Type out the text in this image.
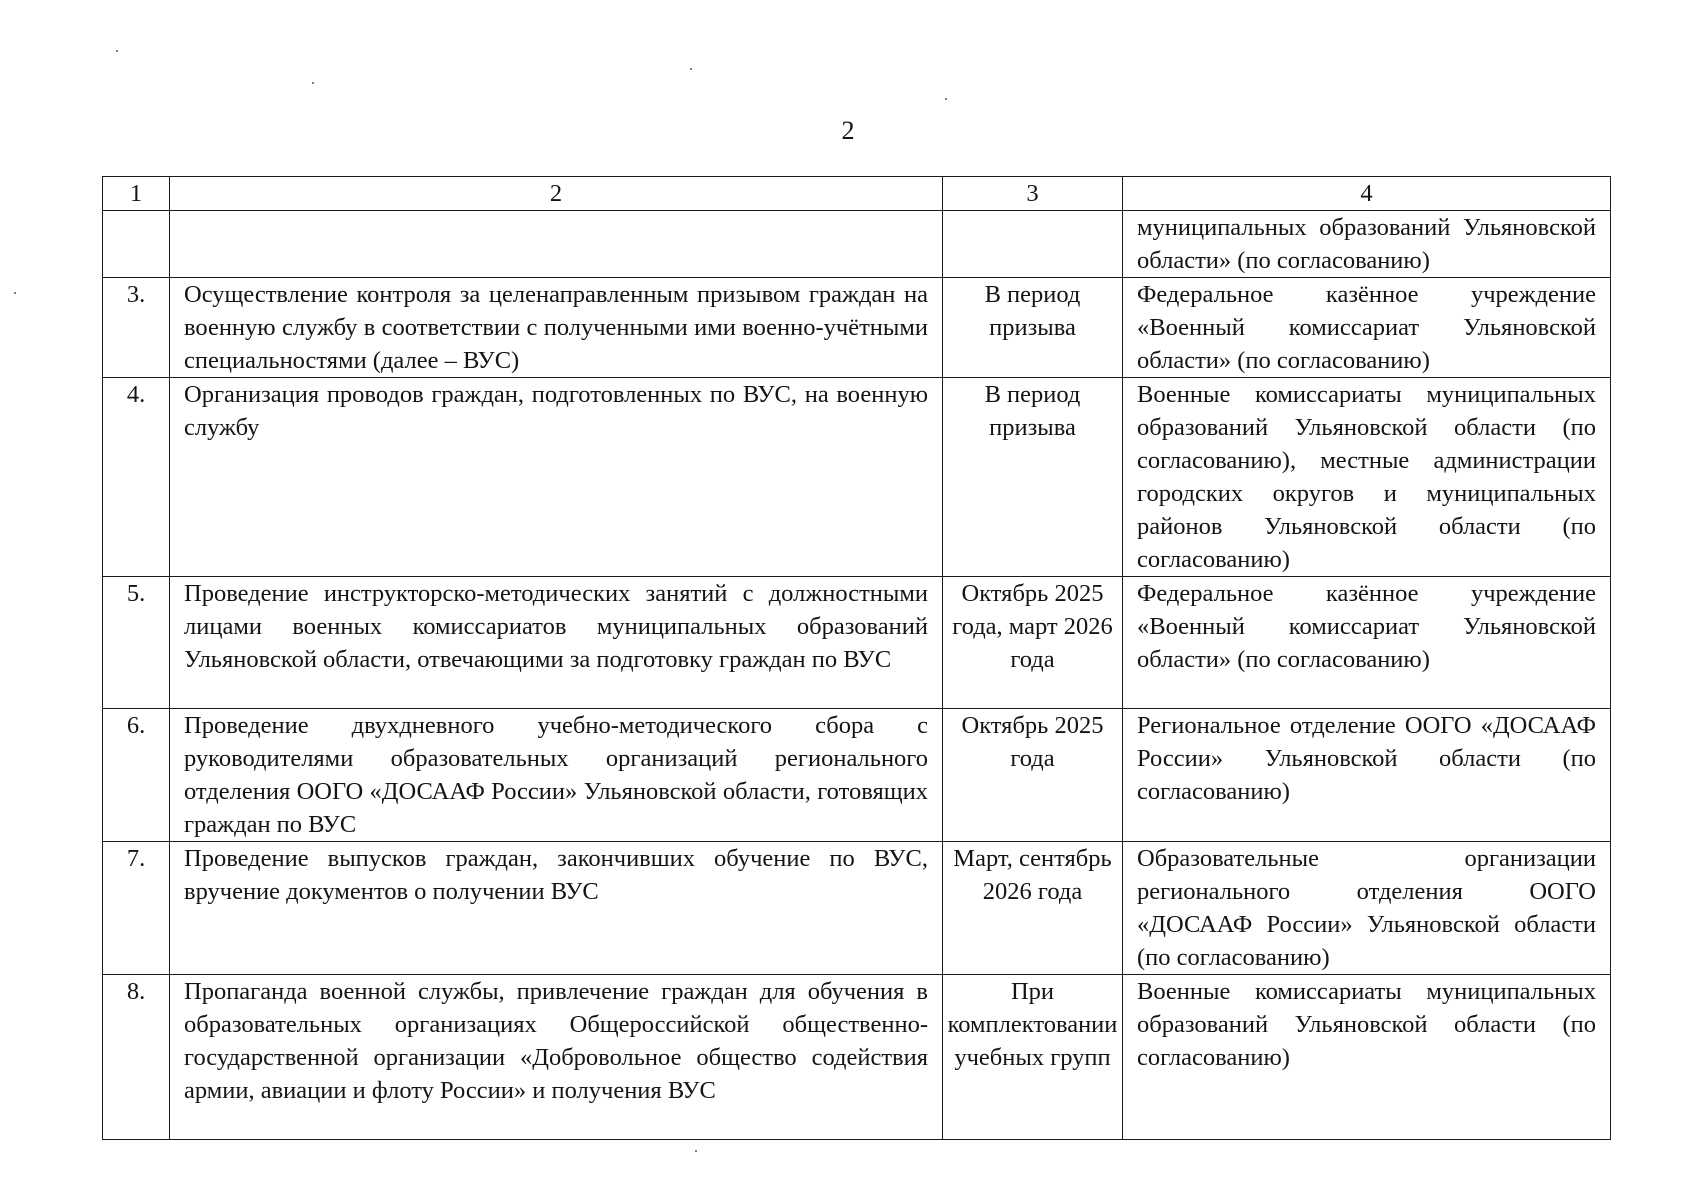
2
1	2	3	4
			муниципальных образований Ульяновской области» (по согласованию)
3.	Осуществление контроля за целенаправленным призывом граждан на военную службу в соответствии с полученными ими военно-учётными специальностями (далее – ВУС)	В период призыва	Федеральное казённое учреждение «Военный комиссариат Ульяновской области» (по согласованию)
4.	Организация проводов граждан, подготовленных по ВУС, на военную службу	В период призыва	Военные комиссариаты муниципальных образований Ульяновской области (по согласованию), местные администрации городских округов и муниципальных районов Ульяновской области (по согласованию)
5.	Проведение инструкторско-методических занятий с должностными лицами военных комиссариатов муниципальных образований Ульяновской области, отвечающими за подготовку граждан по ВУС	Октябрь 2025 года, март 2026 года	Федеральное казённое учреждение «Военный комиссариат Ульяновской области» (по согласованию)
6.	Проведение двухдневного учебно-методического сбора с руководителями образовательных организаций регионального отделения ООГО «ДОСААФ России» Ульяновской области, готовящих граждан по ВУС	Октябрь 2025 года	Региональное отделение ООГО «ДОСААФ России» Ульяновской области (по согласованию)
7.	Проведение выпусков граждан, закончивших обучение по ВУС, вручение документов о получении ВУС	Март, сентябрь 2026 года	Образовательные организации регионального отделения ООГО «ДОСААФ России» Ульяновской области (по согласованию)
8.	Пропаганда военной службы, привлечение граждан для обучения в образовательных организациях Общероссийской общественно-государственной организации «Добровольное общество содействия армии, авиации и флоту России» и получения ВУС	При комплектовании учебных групп	Военные комиссариаты муниципальных образований Ульяновской области (по согласованию)
